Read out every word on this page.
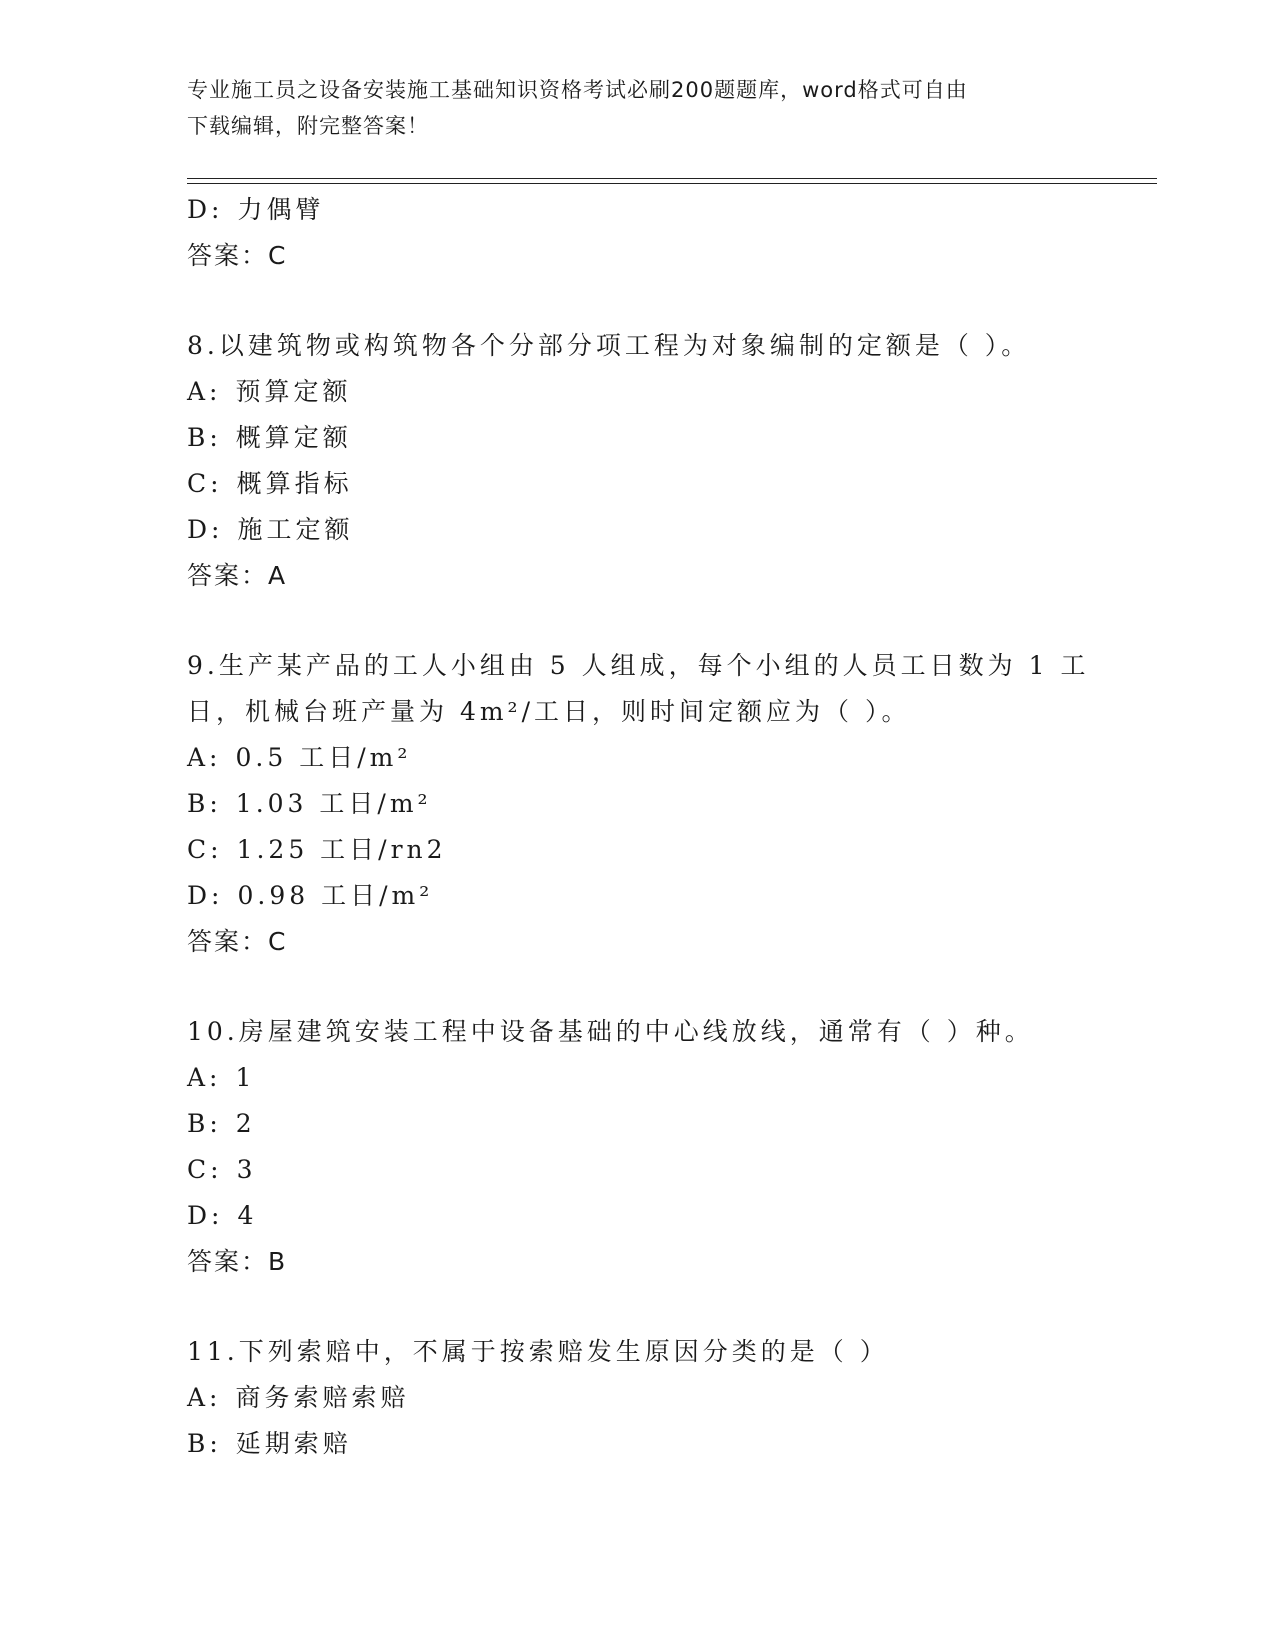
专业施工员之设备安装施工基础知识资格考试必刷200题题库，word格式可自由
下载编辑，附完整答案！
D: 力偶臂
答案：C
8.以建筑物或构筑物各个分部分项工程为对象编制的定额是（ ）。
A: 预算定额
B: 概算定额
C: 概算指标
D: 施工定额
答案：A
9.生产某产品的工人小组由 5 人组成，每个小组的人员工日数为 1 工
日，机械台班产量为 4m²/工日，则时间定额应为（ ）。
A: 0.5 工日/m²
B: 1.03 工日/m²
C: 1.25 工日/rn2
D: 0.98 工日/m²
答案：C
10.房屋建筑安装工程中设备基础的中心线放线，通常有（ ）种。
A: 1
B: 2
C: 3
D: 4
答案：B
11.下列索赔中，不属于按索赔发生原因分类的是（ ）
A: 商务索赔索赔
B: 延期索赔
